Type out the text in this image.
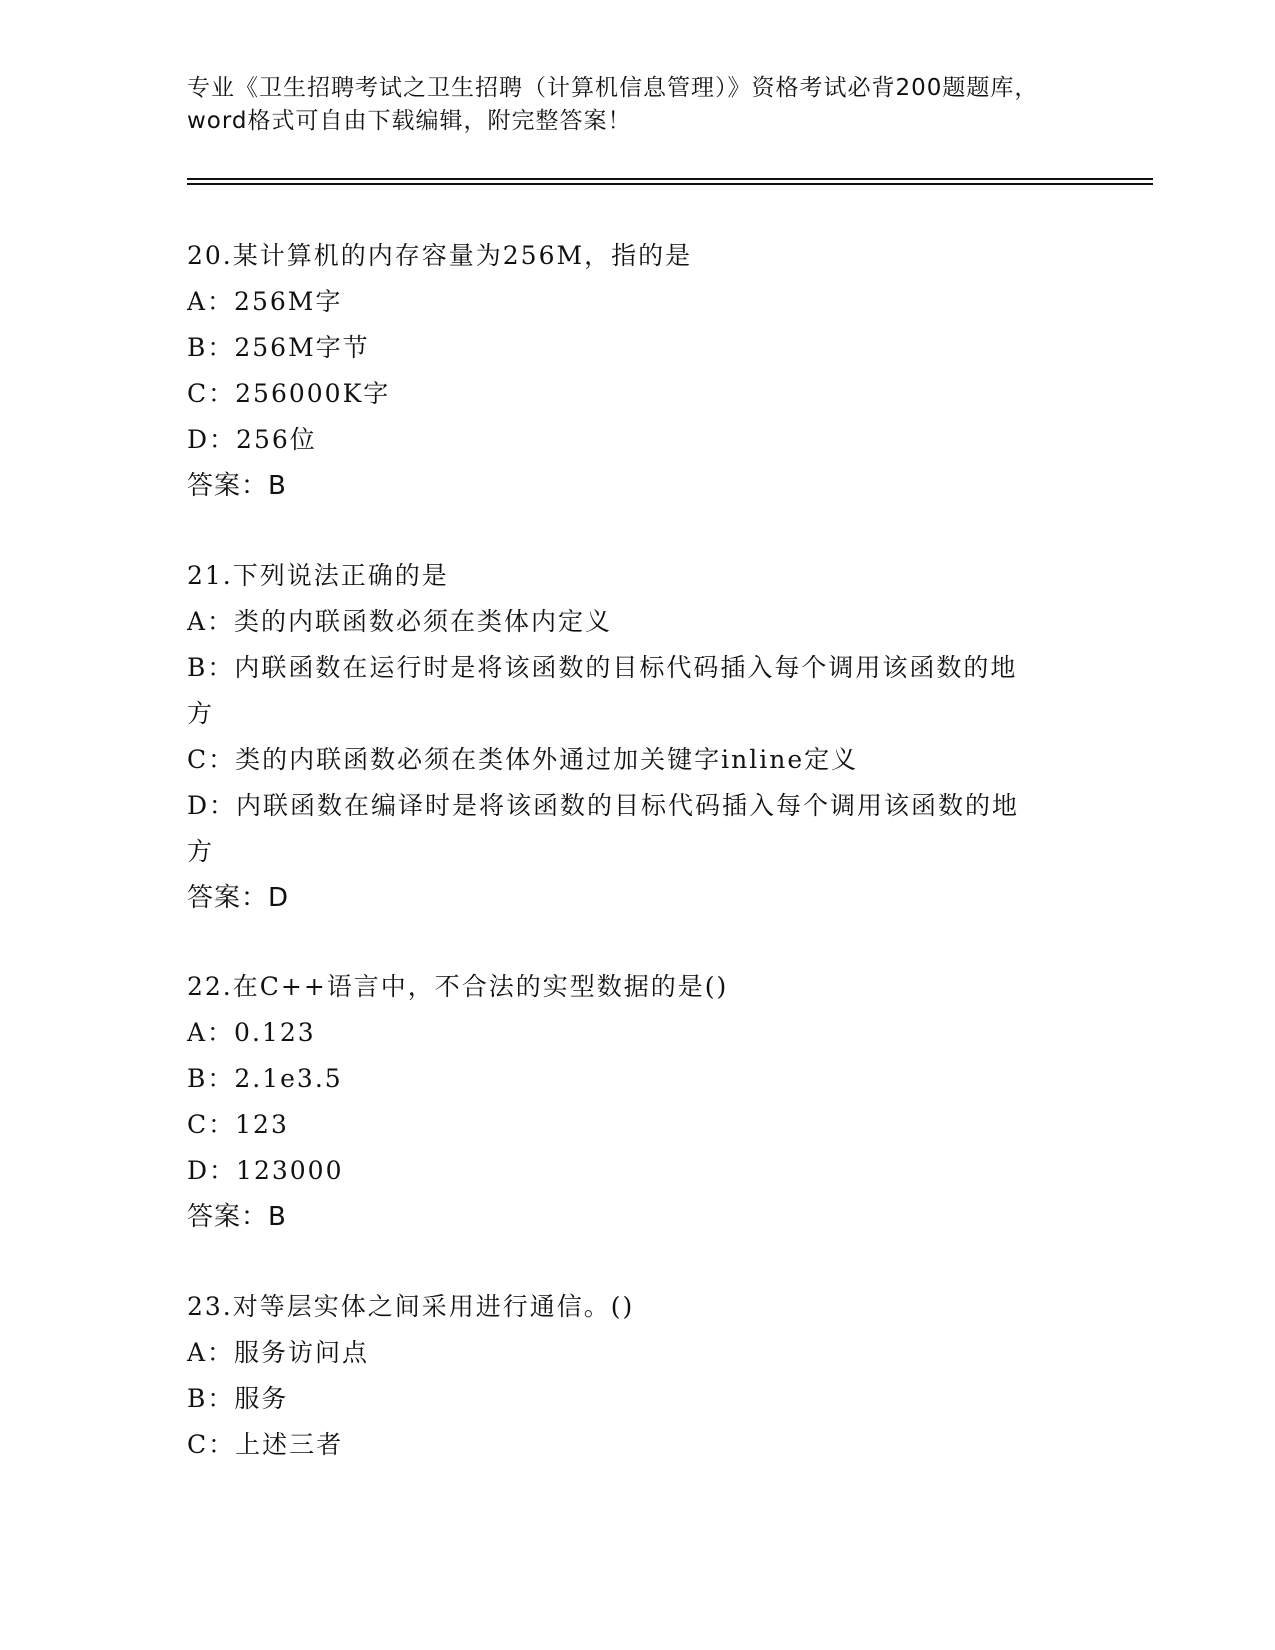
专业《卫生招聘考试之卫生招聘（计算机信息管理）》资格考试必背200题题库，
word格式可自由下载编辑，附完整答案！
20.某计算机的内存容量为256M，指的是
A：256M字
B：256M字节
C：256000K字
D：256位
答案：B
21.下列说法正确的是
A：类的内联函数必须在类体内定义
B：内联函数在运行时是将该函数的目标代码插入每个调用该函数的地
方
C：类的内联函数必须在类体外通过加关键字inline定义
D：内联函数在编译时是将该函数的目标代码插入每个调用该函数的地
方
答案：D
22.在C++语言中，不合法的实型数据的是()
A：0.123
B：2.1e3.5
C：123
D：123000
答案：B
23.对等层实体之间采用进行通信。()
A：服务访问点
B：服务
C：上述三者
